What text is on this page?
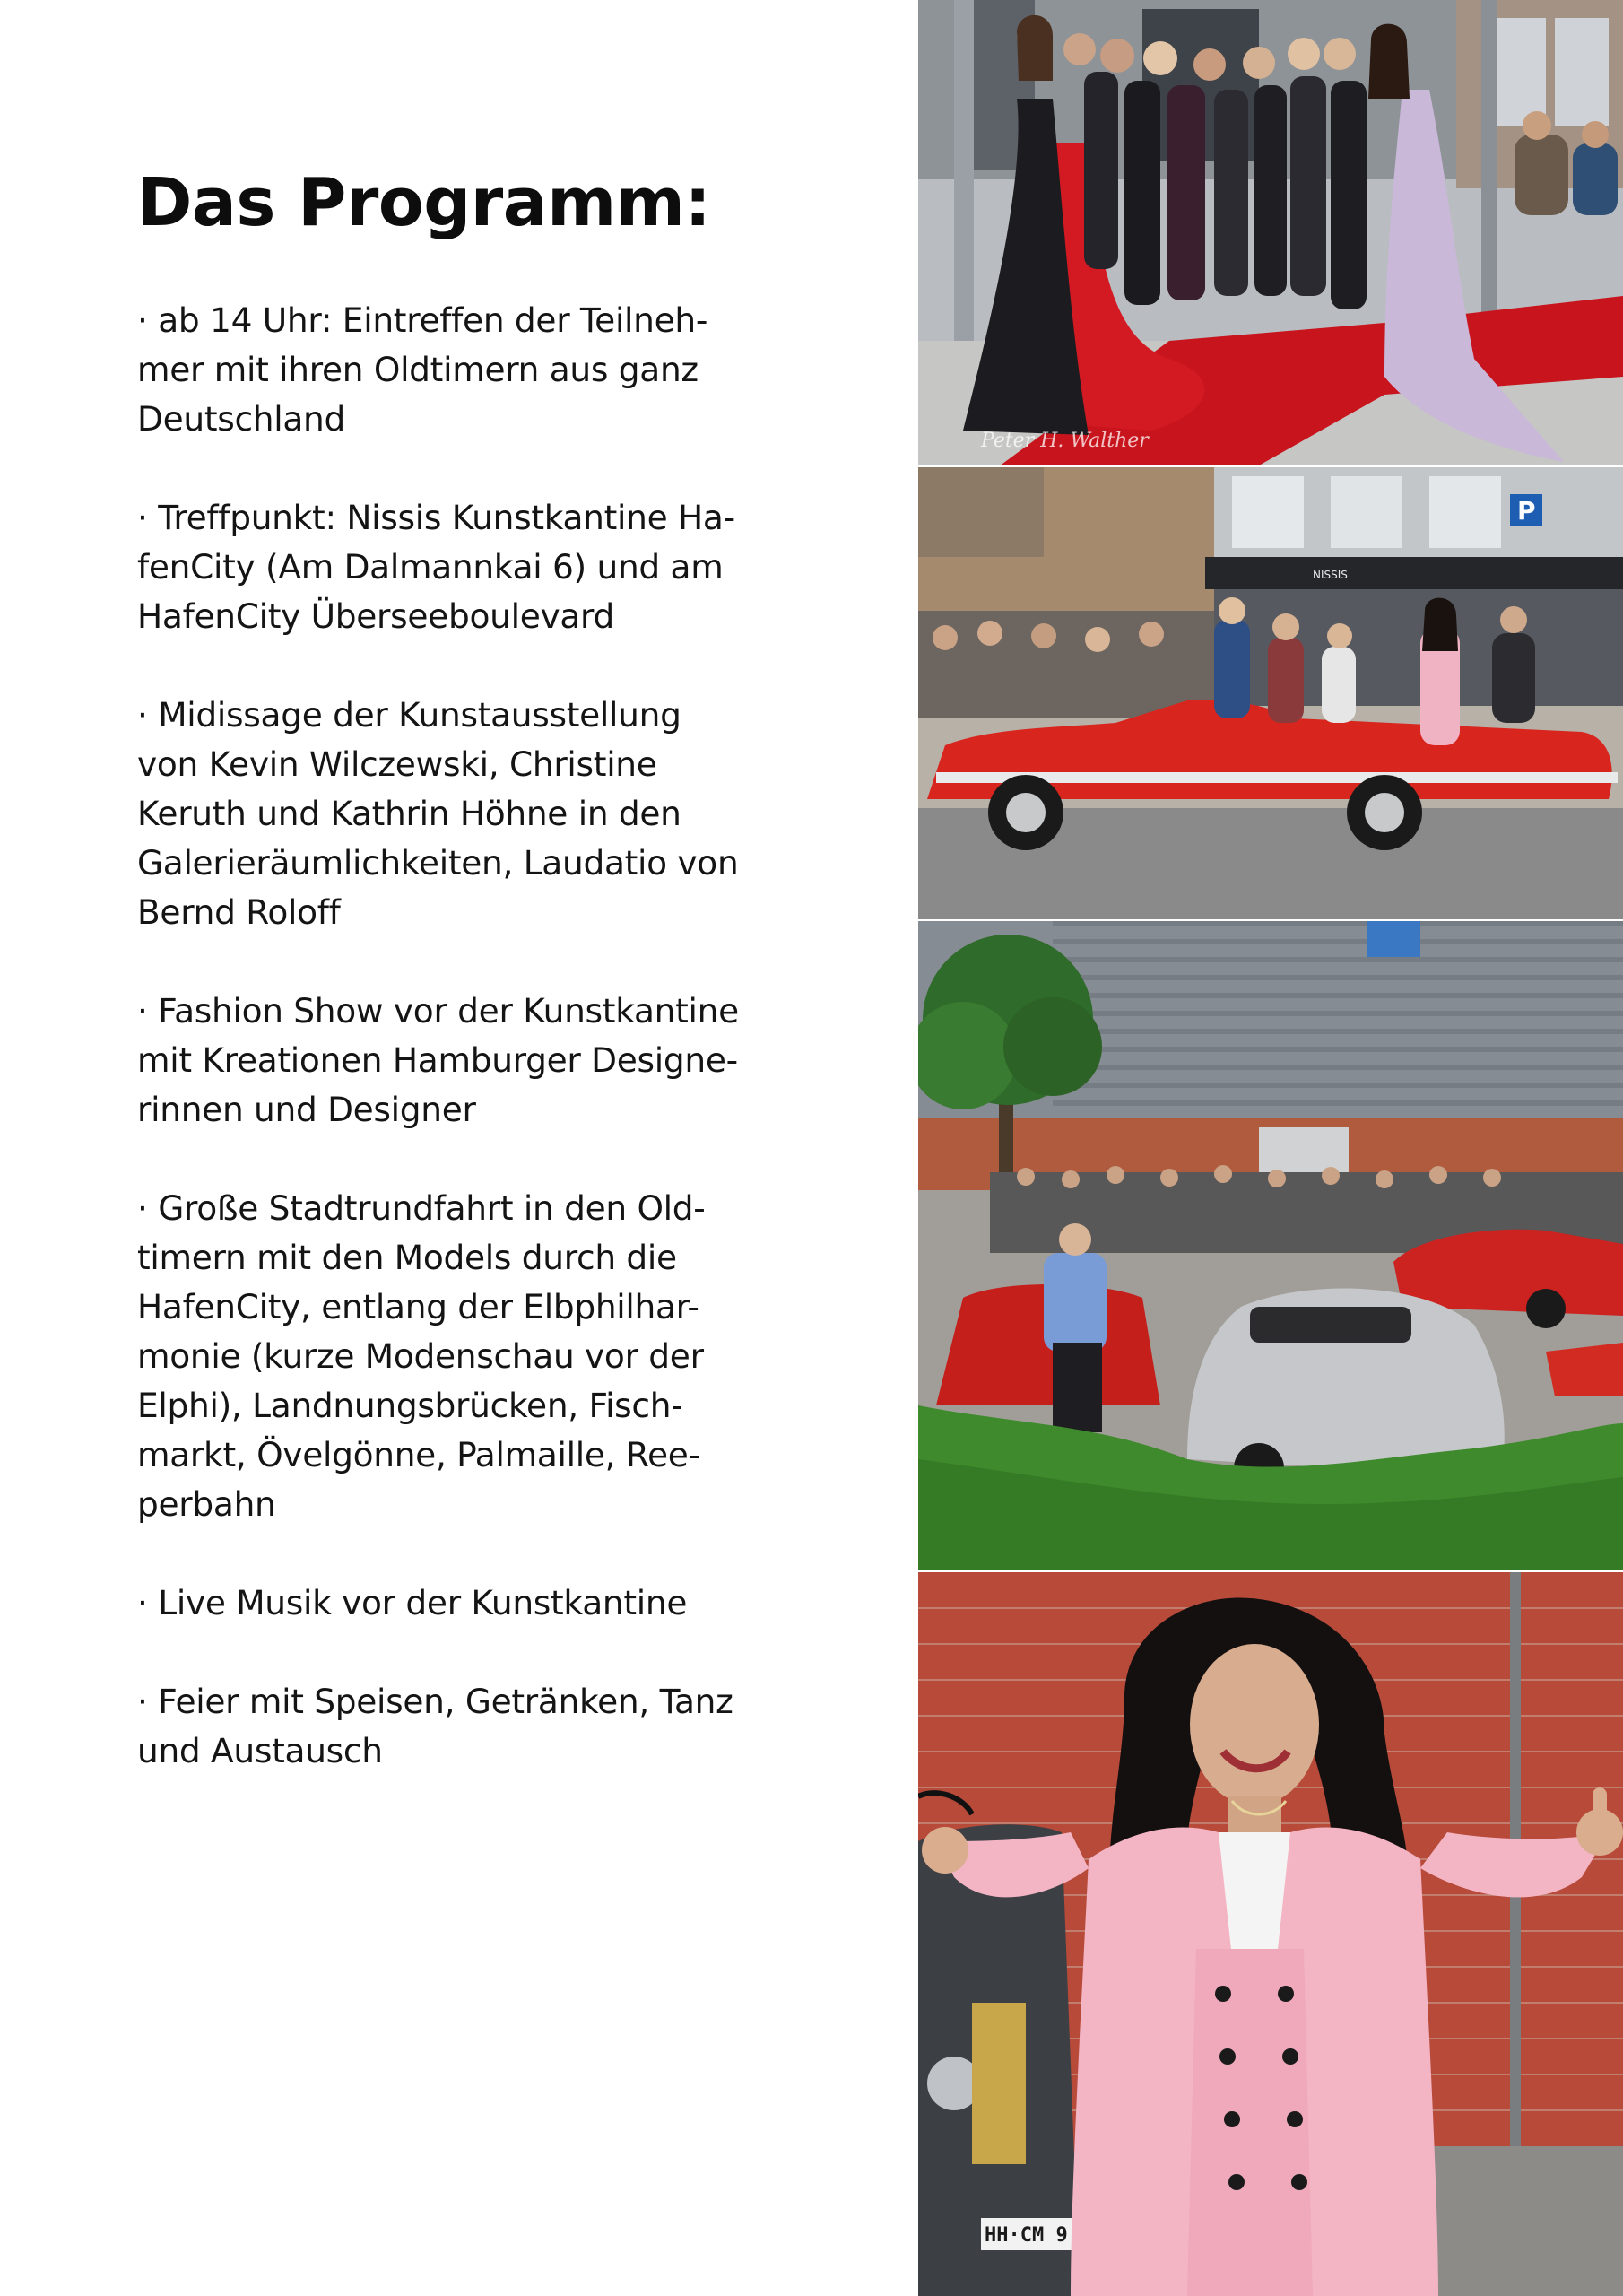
Das Programm:
· ab 14 Uhr: Eintreffen der Teilneh-
mer mit ihren Oldtimern aus ganz
Deutschland
· Treffpunkt: Nissis Kunstkantine Ha-
fenCity (Am Dalmannkai 6) und am
HafenCity Überseeboulevard
· Midissage der Kunstausstellung
von Kevin Wilczewski, Christine
Keruth und Kathrin Höhne in den
Galerieräumlichkeiten, Laudatio von
Bernd Roloff
· Fashion Show vor der Kunstkantine
mit Kreationen Hamburger Designe-
rinnen und Designer
· Große Stadtrundfahrt in den Old-
timern mit den Models durch die
HafenCity, entlang der Elbphilhar-
monie (kurze Modenschau vor der
Elphi), Landnungsbrücken, Fisch-
markt, Övelgönne, Palmaille, Ree-
perbahn
· Live Musik vor der Kunstkantine
· Feier mit Speisen, Getränken, Tanz
und Austausch
Peter H. Walther
NISSIS
P
HH·CM 9
